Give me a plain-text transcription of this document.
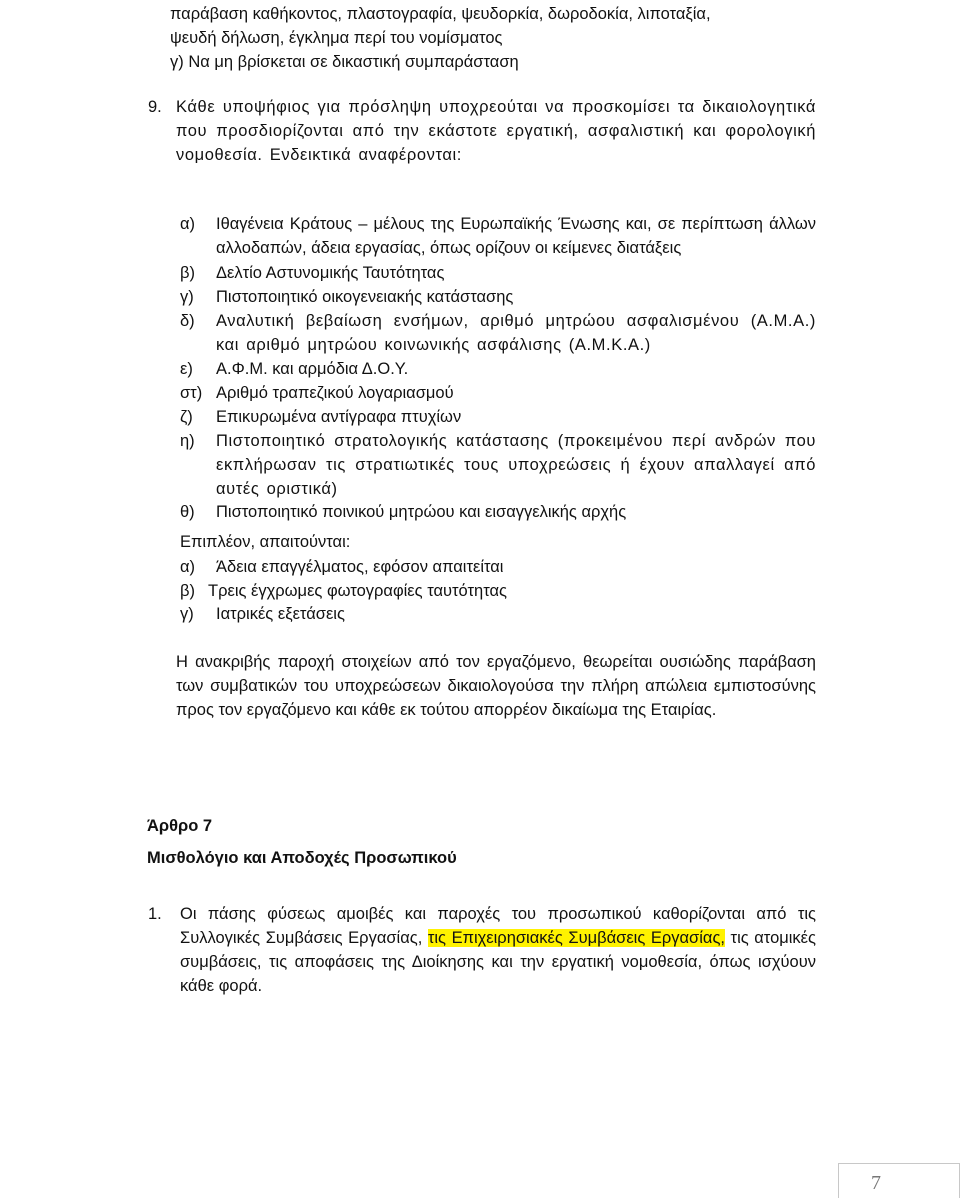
παράβαση καθήκοντος, πλαστογραφία, ψευδορκία, δωροδοκία, λιποταξία,
ψευδή δήλωση, έγκλημα περί του νομίσματος
γ) Να μη βρίσκεται σε δικαστική συμπαράσταση
9. Κάθε υποψήφιος για πρόσληψη υποχρεούται να προσκομίσει τα δικαιολογητικά που προσδιορίζονται από την εκάστοτε εργατική, ασφαλιστική και φορολογική νομοθεσία. Ενδεικτικά αναφέρονται:
α) Ιθαγένεια Κράτους – μέλους της Ευρωπαϊκής Ένωσης και, σε περίπτωση άλλων αλλοδαπών, άδεια εργασίας, όπως ορίζουν οι κείμενες διατάξεις
β) Δελτίο Αστυνομικής Ταυτότητας
γ) Πιστοποιητικό οικογενειακής κατάστασης
δ) Αναλυτική βεβαίωση ενσήμων, αριθμό μητρώου ασφαλισμένου (Α.Μ.Α.) και αριθμό μητρώου κοινωνικής ασφάλισης (Α.Μ.Κ.Α.)
ε) Α.Φ.Μ. και αρμόδια Δ.Ο.Υ.
στ) Αριθμό τραπεζικού λογαριασμού
ζ) Επικυρωμένα αντίγραφα πτυχίων
η) Πιστοποιητικό στρατολογικής κατάστασης (προκειμένου περί ανδρών που εκπλήρωσαν τις στρατιωτικές τους υποχρεώσεις ή έχουν απαλλαγεί από αυτές οριστικά)
θ) Πιστοποιητικό ποινικού μητρώου και εισαγγελικής αρχής
Επιπλέον, απαιτούνται:
α) Άδεια επαγγέλματος, εφόσον απαιτείται
β) Τρεις έγχρωμες φωτογραφίες ταυτότητας
γ) Ιατρικές εξετάσεις
Η ανακριβής παροχή στοιχείων από τον εργαζόμενο, θεωρείται ουσιώδης παράβαση των συμβατικών του υποχρεώσεων δικαιολογούσα την πλήρη απώλεια εμπιστοσύνης προς τον εργαζόμενο και κάθε εκ τούτου απορρέον δικαίωμα της Εταιρίας.
Άρθρο 7
Μισθολόγιο και Αποδοχές Προσωπικού
1. Οι πάσης φύσεως αμοιβές και παροχές του προσωπικού καθορίζονται από τις Συλλογικές Συμβάσεις Εργασίας, τις Επιχειρησιακές Συμβάσεις Εργασίας, τις ατομικές συμβάσεις, τις αποφάσεις της Διοίκησης και την εργατική νομοθεσία, όπως ισχύουν κάθε φορά.
7
